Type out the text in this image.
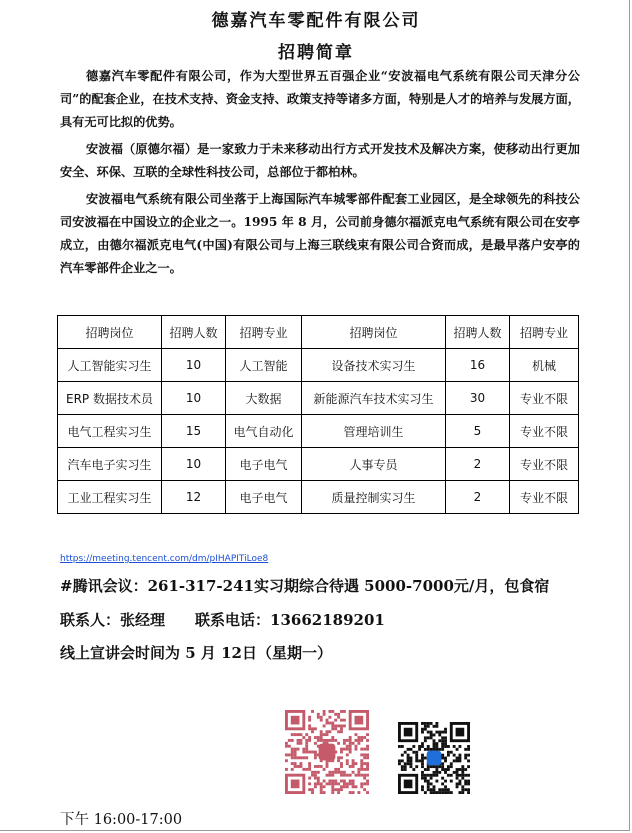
德嘉汽车零配件有限公司
招聘简章

德嘉汽车零配件有限公司，作为大型世界五百强企业“安波福电气系统有限公司天津分公司”的配套企业，在技术支持、资金支持、政策支持等诸多方面，特别是人才的培养与发展方面，具有无可比拟的优势。

安波福（原德尔福）是一家致力于未来移动出行方式开发技术及解决方案，使移动出行更加安全、环保、互联的全球性科技公司，总部位于都柏林。

安波福电气系统有限公司坐落于上海国际汽车城零部件配套工业园区，是全球领先的科技公司安波福在中国设立的企业之一。1995 年 8 月，公司前身德尔福派克电气系统有限公司在安亭成立，由德尔福派克电气(中国)有限公司与上海三联线束有限公司合资而成，是最早落户安亭的汽车零部件企业之一。

招聘岗位	招聘人数	招聘专业	招聘岗位	招聘人数	招聘专业
人工智能实习生	10	人工智能	设备技术实习生	16	机械
ERP 数据技术员	10	大数据	新能源汽车技术实习生	30	专业不限
电气工程实习生	15	电气自动化	管理培训生	5	专业不限
汽车电子实习生	10	电子电气	人事专员	2	专业不限
工业工程实习生	12	电子电气	质量控制实习生	2	专业不限
https://meeting.tencent.com/dm/pIHAPITiLoe8
#腾讯会议：261-317-241实习期综合待遇 5000-7000元/月，包食宿
联系人：张经理 联系电话：13662189201
线上宣讲会时间为 5 月 12日（星期一）
下午 16:00-17:00
